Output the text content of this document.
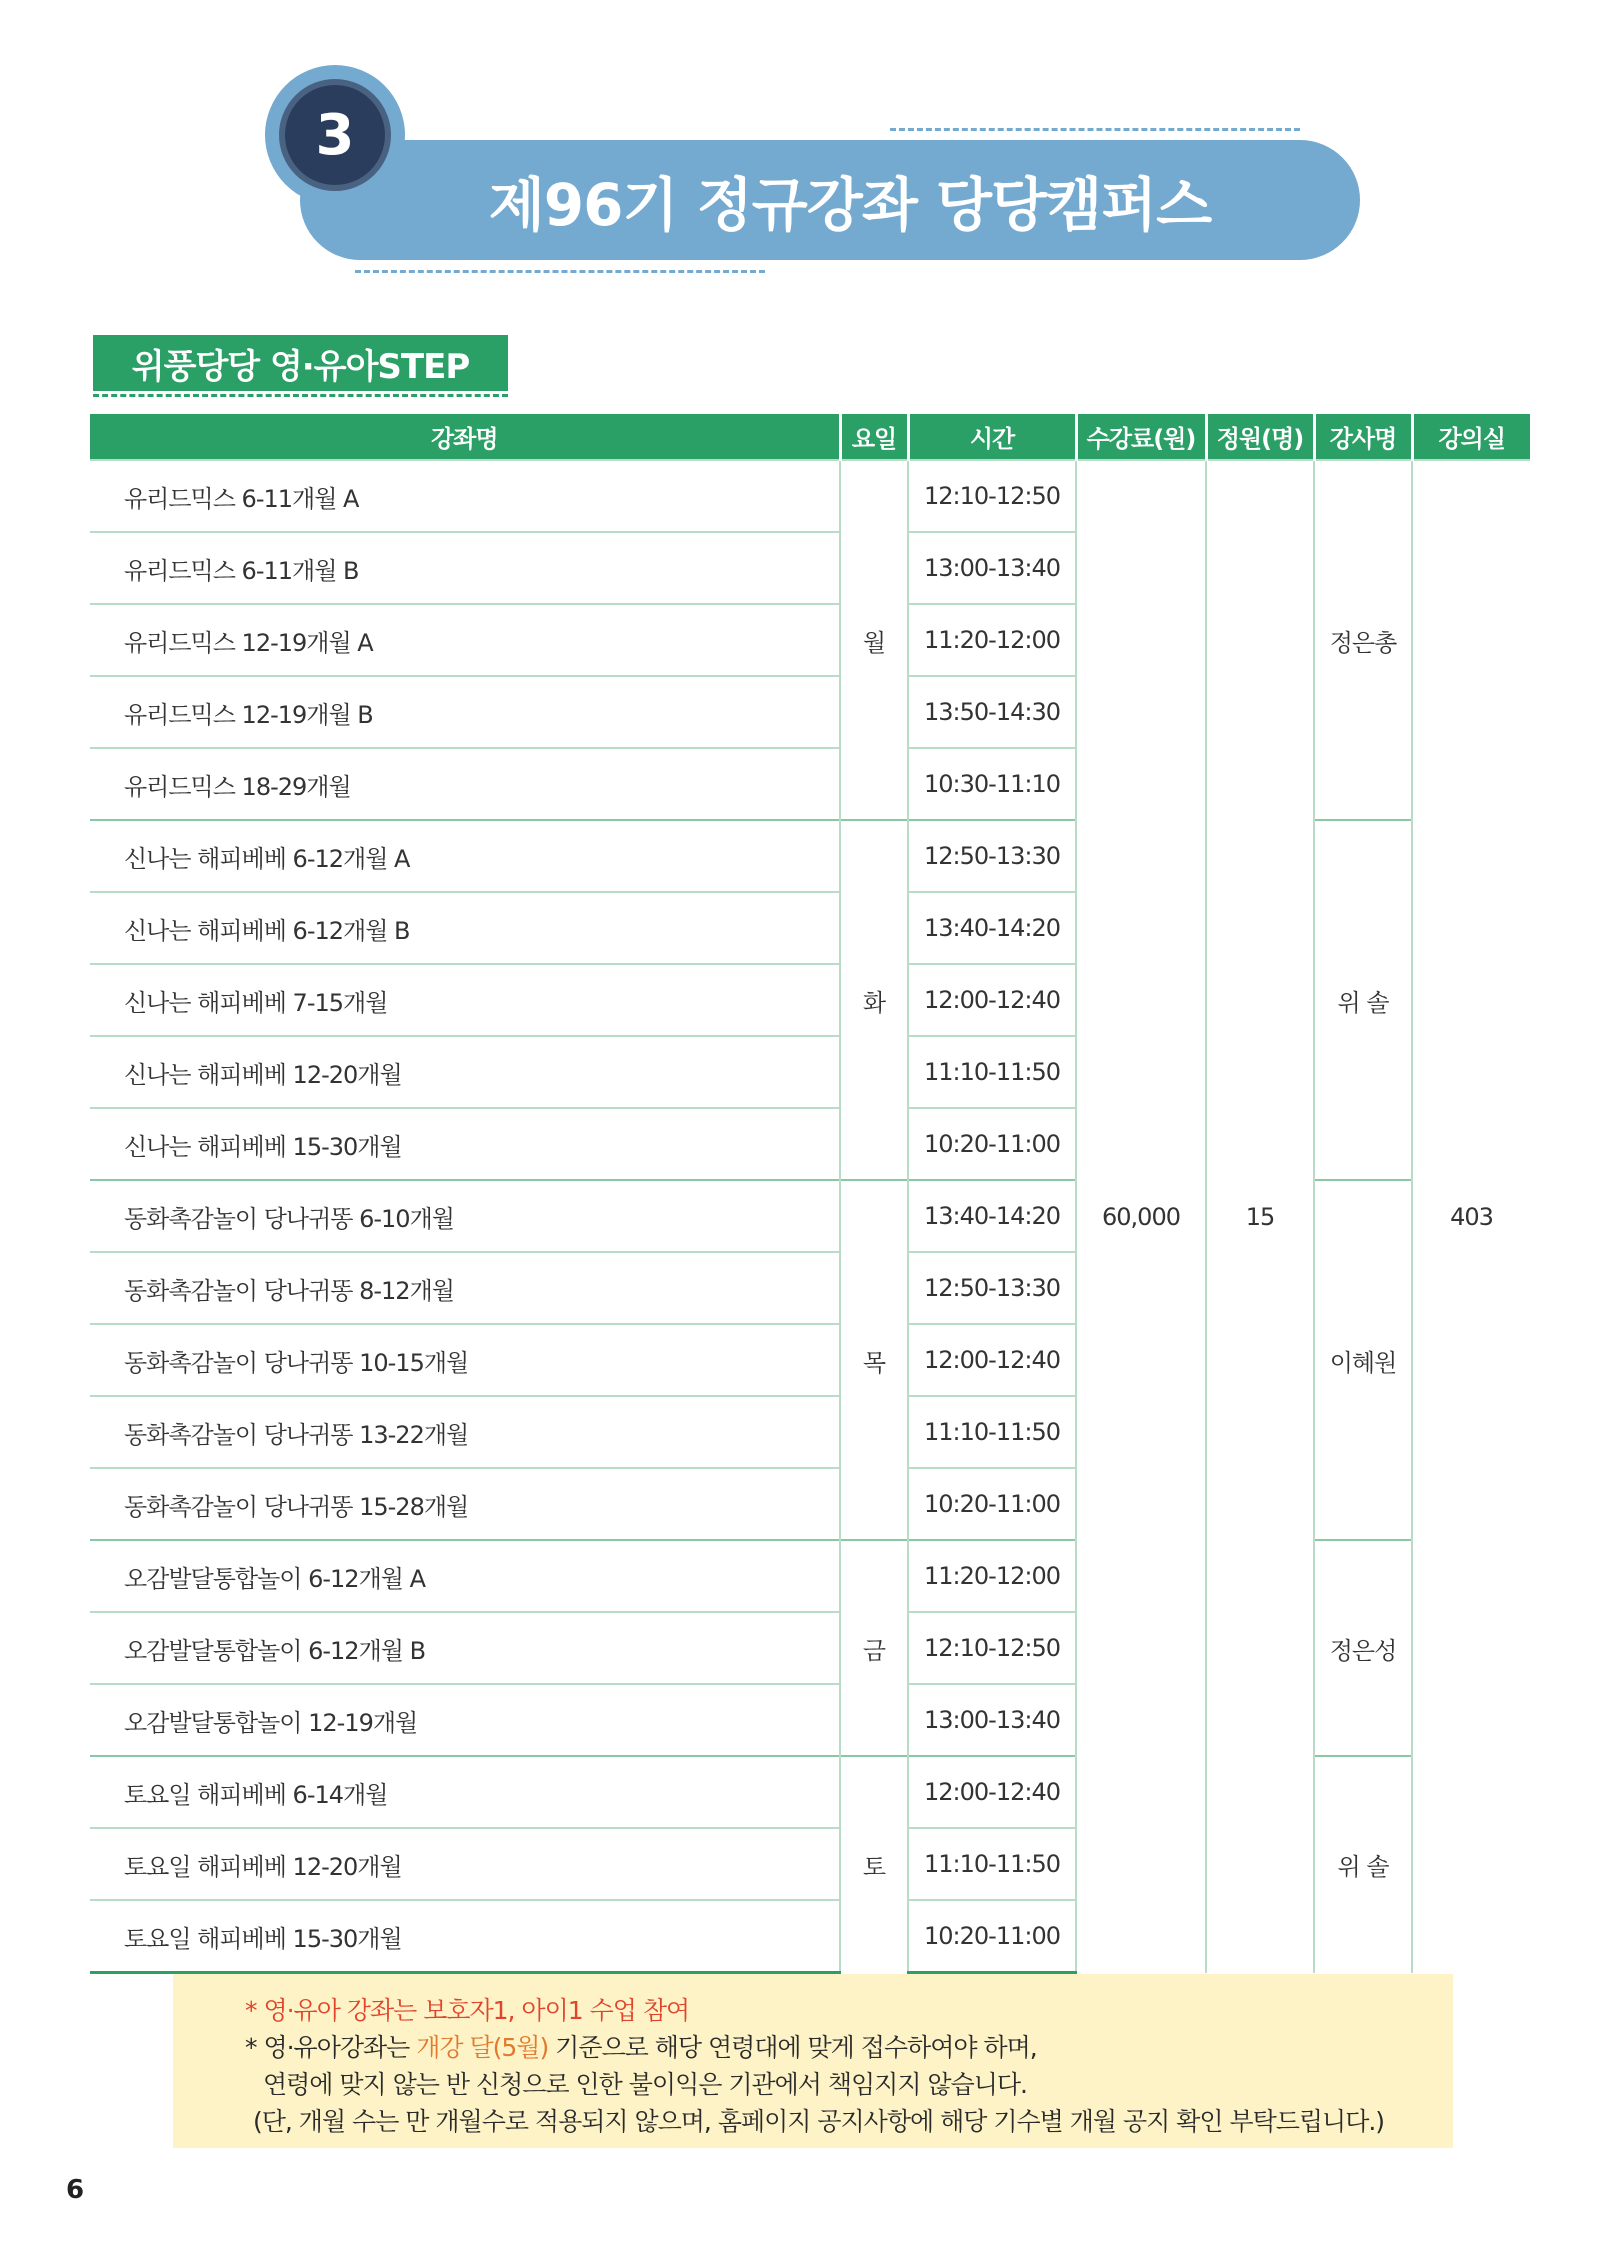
제96기 정규강좌 당당캠퍼스
3
위풍당당 영·유아STEP
강좌명	요일	시간	수강료(원)	정원(명)	강사명	강의실
유리드믹스 6-11개월 A	월	12:10-12:50	60,000	15	정은총	403
유리드믹스 6-11개월 B		13:00-13:40				
유리드믹스 12-19개월 A		11:20-12:00				
유리드믹스 12-19개월 B		13:50-14:30				
유리드믹스 18-29개월		10:30-11:10				
신나는 해피베베 6-12개월 A	화	12:50-13:30			위 솔	
신나는 해피베베 6-12개월 B		13:40-14:20				
신나는 해피베베 7-15개월		12:00-12:40				
신나는 해피베베 12-20개월		11:10-11:50				
신나는 해피베베 15-30개월		10:20-11:00				
동화촉감놀이 당나귀똥 6-10개월	목	13:40-14:20			이혜원	
동화촉감놀이 당나귀똥 8-12개월		12:50-13:30				
동화촉감놀이 당나귀똥 10-15개월		12:00-12:40				
동화촉감놀이 당나귀똥 13-22개월		11:10-11:50				
동화촉감놀이 당나귀똥 15-28개월		10:20-11:00				
오감발달통합놀이 6-12개월 A	금	11:20-12:00			정은성	
오감발달통합놀이 6-12개월 B		12:10-12:50				
오감발달통합놀이 12-19개월		13:00-13:40				
토요일 해피베베 6-14개월	토	12:00-12:40			위 솔	
토요일 해피베베 12-20개월		11:10-11:50				
토요일 해피베베 15-30개월		10:20-11:00				
* 영·유아 강좌는 보호자1, 아이1 수업 참여
* 영·유아강좌는 개강 달(5월) 기준으로 해당 연령대에 맞게 접수하여야 하며,
연령에 맞지 않는 반 신청으로 인한 불이익은 기관에서 책임지지 않습니다.
(단, 개월 수는 만 개월수로 적용되지 않으며, 홈페이지 공지사항에 해당 기수별 개월 공지 확인 부탁드립니다.)
6
